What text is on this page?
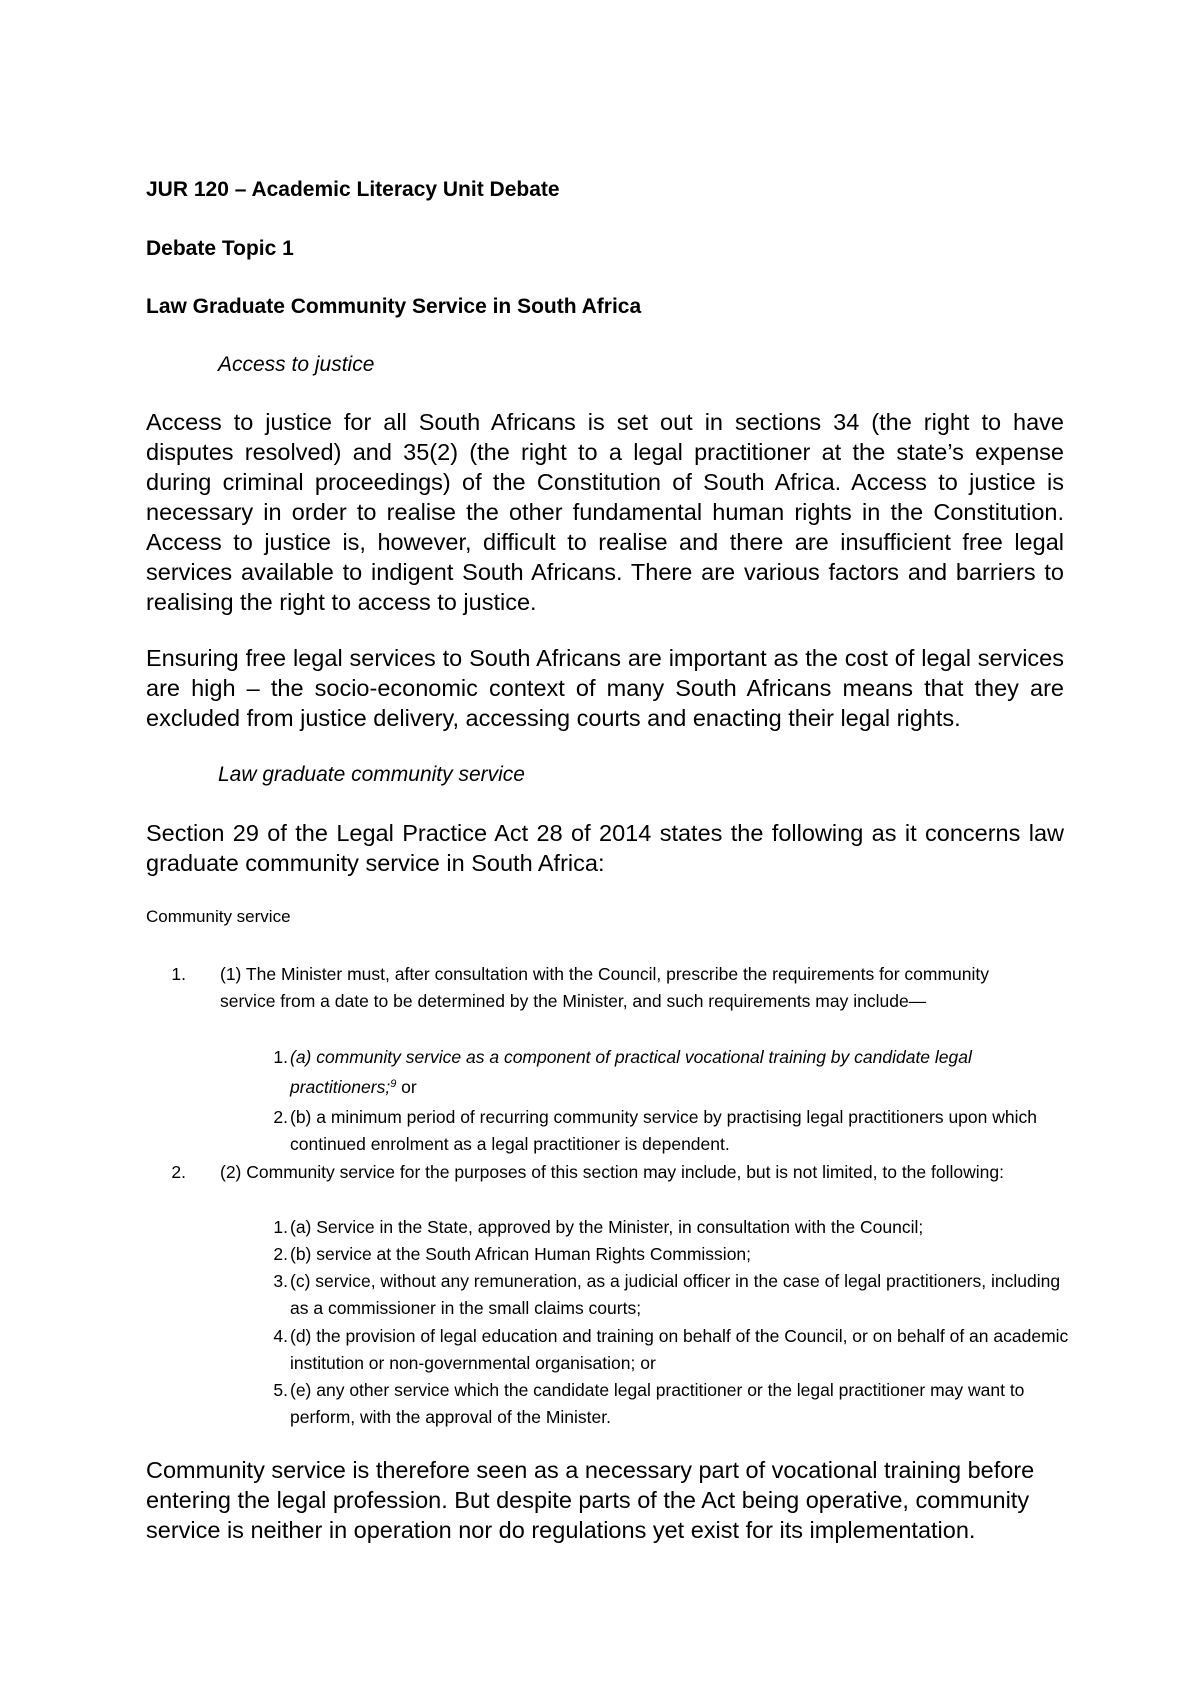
JUR 120 – Academic Literacy Unit Debate
Debate Topic 1
Law Graduate Community Service in South Africa
Access to justice
Access to justice for all South Africans is set out in sections 34 (the right to have disputes resolved) and 35(2) (the right to a legal practitioner at the state’s expense during criminal proceedings) of the Constitution of South Africa. Access to justice is necessary in order to realise the other fundamental human rights in the Constitution. Access to justice is, however, difficult to realise and there are insufficient free legal services available to indigent South Africans. There are various factors and barriers to realising the right to access to justice.
Ensuring free legal services to South Africans are important as the cost of legal services are high – the socio-economic context of many South Africans means that they are excluded from justice delivery, accessing courts and enacting their legal rights.
Law graduate community service
Section 29 of the Legal Practice Act 28 of 2014 states the following as it concerns law graduate community service in South Africa:
Community service
1. (1) The Minister must, after consultation with the Council, prescribe the requirements for community service from a date to be determined by the Minister, and such requirements may include—
1. (a) community service as a component of practical vocational training by candidate legal practitioners;$^9$ or
2. (b) a minimum period of recurring community service by practising legal practitioners upon which continued enrolment as a legal practitioner is dependent.
2. (2) Community service for the purposes of this section may include, but is not limited, to the following:
1. (a) Service in the State, approved by the Minister, in consultation with the Council;
2. (b) service at the South African Human Rights Commission;
3. (c) service, without any remuneration, as a judicial officer in the case of legal practitioners, including as a commissioner in the small claims courts;
4. (d) the provision of legal education and training on behalf of the Council, or on behalf of an academic institution or non-governmental organisation; or
5. (e) any other service which the candidate legal practitioner or the legal practitioner may want to perform, with the approval of the Minister.
Community service is therefore seen as a necessary part of vocational training before entering the legal profession. But despite parts of the Act being operative, community service is neither in operation nor do regulations yet exist for its implementation.
